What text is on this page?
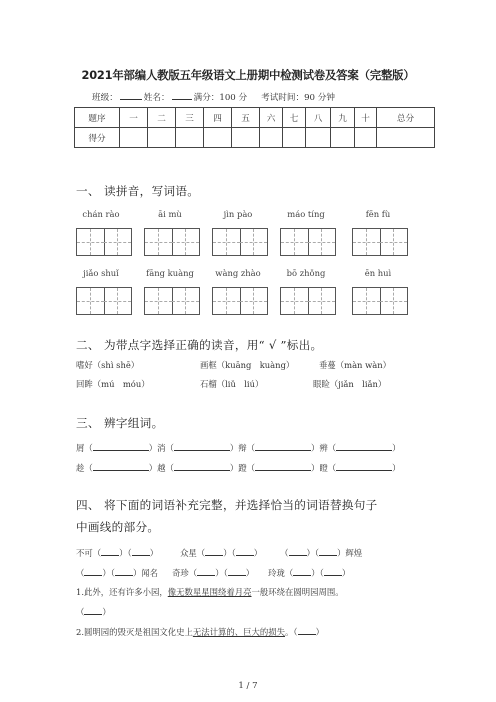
2021年部编人教版五年级语文上册期中检测试卷及答案（完整版）
班级：	姓名：	满分：100 分 考试时间：90 分钟
题序	一	二	三	四	五	六	七	八	九	十	总分
得分											
一、 读拼音，写词语。
chán rào	āi mù	jìn pào	máo tíng	fēn fù
jiǎo shuǐ	fāng kuàng	wàng zhào	bō zhǒng	ēn huì
二、 为带点字选择正确的读音，用“ √ ”标出。
嗜好（shì shē）	画框（kuāng　kuàng）	垂蔓（màn wàn）
回眸（mú　móu）	石榴（liǔ　liú）	眼睑（jiǎn　liǎn）
三、 辨字组词。
屑（	）消（	）辩（	）辨（	）
趁（	）越（	）蹬（	）瞪（	）
四、 将下面的词语补充完整，并选择恰当的词语替换句子
中画线的部分。
不可（ ）（ ）	众星（ ）（ ） （ ）（ ）辉煌
（ ）（ ）闻名 奇珍（ ）（ ） 玲珑（ ）（ ）
1.此外，还有许多小园，像无数星星围绕着月亮一般环绕在圆明园周围。
（ ）
2.圆明园的毁灭是祖国文化史上无法计算的、巨大的损失。（ ）
1 / 7
